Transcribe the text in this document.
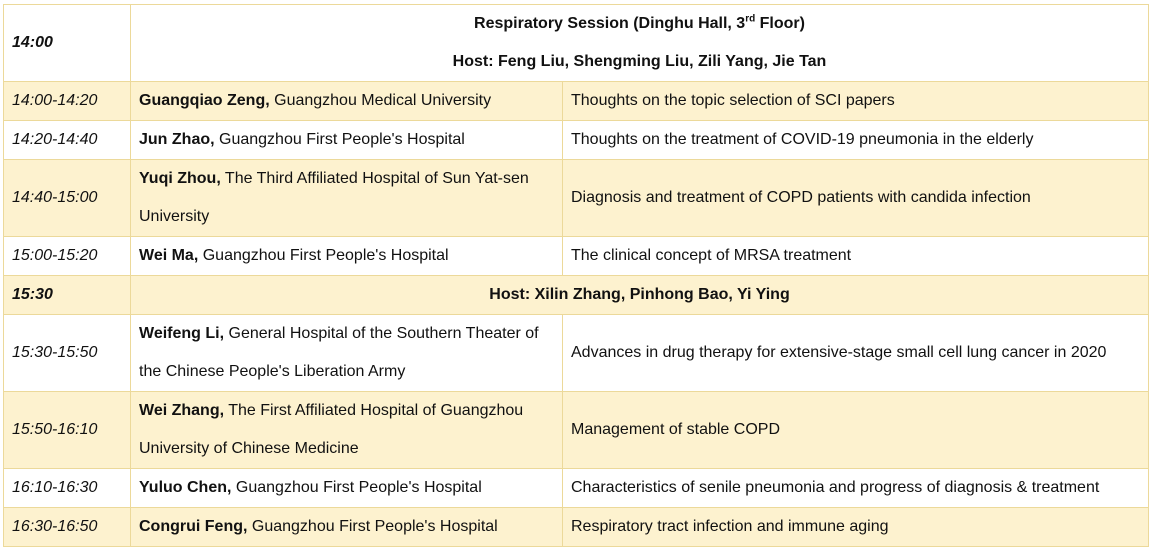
14:00	Respiratory Session (Dinghu Hall, 3rd Floor)
Host: Feng Liu, Shengming Liu, Zili Yang, Jie Tan	

14:00-14:20	Guangqiao Zeng, Guangzhou Medical University	Thoughts on the topic selection of SCI papers
14:20-14:40	Jun Zhao, Guangzhou First People's Hospital	Thoughts on the treatment of COVID-19 pneumonia in the elderly
14:40-15:00	Yuqi Zhou, The Third Affiliated Hospital of Sun Yat-sen University	Diagnosis and treatment of COPD patients with candida infection
15:00-15:20	Wei Ma, Guangzhou First People's Hospital	The clinical concept of MRSA treatment
15:30	Host: Xilin Zhang, Pinhong Bao, Yi Ying	
15:30-15:50	Weifeng Li, General Hospital of the Southern Theater of the Chinese People's Liberation Army	Advances in drug therapy for extensive-stage small cell lung cancer in 2020
15:50-16:10	Wei Zhang, The First Affiliated Hospital of Guangzhou University of Chinese Medicine	Management of stable COPD
16:10-16:30	Yuluo Chen, Guangzhou First People's Hospital	Characteristics of senile pneumonia and progress of diagnosis & treatment
16:30-16:50	Congrui Feng, Guangzhou First People's Hospital	Respiratory tract infection and immune aging
